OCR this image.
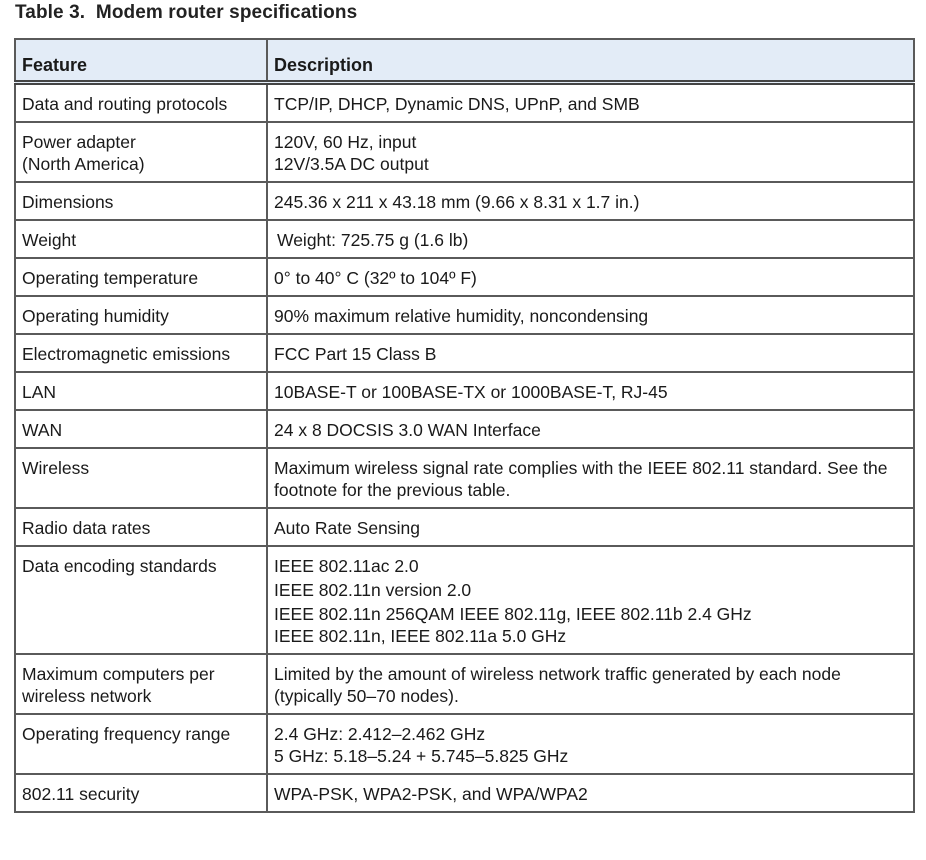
Table 3.  Modem router specifications
Feature	Description

Data and routing protocols	TCP/IP, DHCP, Dynamic DNS, UPnP, and SMB

Power adapter
(North America)	120V, 60 Hz, input
12V/3.5A DC output

Dimensions	245.36 x 211 x 43.18 mm (9.66 x 8.31 x 1.7 in.)

Weight	Weight: 725.75 g (1.6 lb)

Operating temperature	0° to 40° C (32º to 104º F)

Operating humidity	90% maximum relative humidity, noncondensing

Electromagnetic emissions	FCC Part 15 Class B

LAN	10BASE-T or 100BASE-TX or 1000BASE-T, RJ-45

WAN	24 x 8 DOCSIS 3.0 WAN Interface

Wireless	Maximum wireless signal rate complies with the IEEE 802.11 standard. See the
footnote for the previous table.

Radio data rates	Auto Rate Sensing

Data encoding standards	IEEE 802.11ac 2.0
IEEE 802.11n version 2.0
IEEE 802.11n 256QAM IEEE 802.11g, IEEE 802.11b 2.4 GHz
IEEE 802.11n, IEEE 802.11a 5.0 GHz

Maximum computers per
wireless network	Limited by the amount of wireless network traffic generated by each node
(typically 50–70 nodes).

Operating frequency range	2.4 GHz: 2.412–2.462 GHz
5 GHz: 5.18–5.24 + 5.745–5.825 GHz

802.11 security	WPA-PSK, WPA2-PSK, and WPA/WPA2
